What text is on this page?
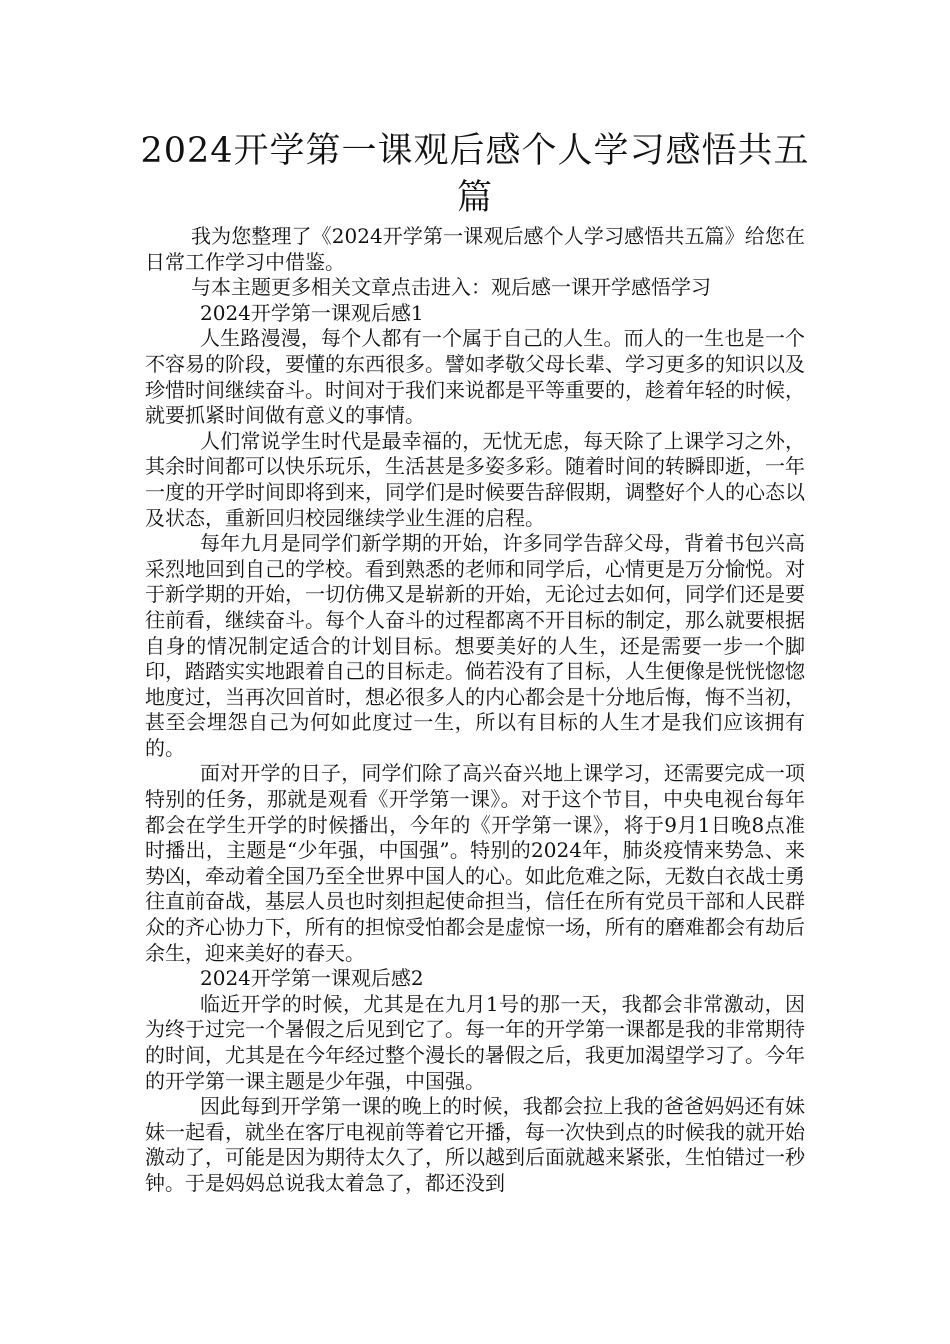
2024开学第一课观后感个人学习感悟共五篇

我为您整理了《2024开学第一课观后感个人学习感悟共五篇》给您在日常工作学习中借鉴。

与本主题更多相关文章点击进入：观后感一课开学感悟学习

2024开学第一课观后感1

人生路漫漫，每个人都有一个属于自己的人生。而人的一生也是一个不容易的阶段，要懂的东西很多。譬如孝敬父母长辈、学习更多的知识以及珍惜时间继续奋斗。时间对于我们来说都是平等重要的，趁着年轻的时候，就要抓紧时间做有意义的事情。

人们常说学生时代是最幸福的，无忧无虑，每天除了上课学习之外，其余时间都可以快乐玩乐，生活甚是多姿多彩。随着时间的转瞬即逝，一年一度的开学时间即将到来，同学们是时候要告辞假期，调整好个人的心态以及状态，重新回归校园继续学业生涯的启程。

每年九月是同学们新学期的开始，许多同学告辞父母，背着书包兴高采烈地回到自己的学校。看到熟悉的老师和同学后，心情更是万分愉悦。对于新学期的开始，一切仿佛又是崭新的开始，无论过去如何，同学们还是要往前看，继续奋斗。每个人奋斗的过程都离不开目标的制定，那么就要根据自身的情况制定适合的计划目标。想要美好的人生，还是需要一步一个脚印，踏踏实实地跟着自己的目标走。倘若没有了目标，人生便像是恍恍惚惚地度过，当再次回首时，想必很多人的内心都会是十分地后悔，悔不当初，甚至会埋怨自己为何如此度过一生，所以有目标的人生才是我们应该拥有的。

面对开学的日子，同学们除了高兴奋兴地上课学习，还需要完成一项特别的任务，那就是观看《开学第一课》。对于这个节目，中央电视台每年都会在学生开学的时候播出，今年的《开学第一课》，将于9月1日晚8点准时播出，主题是“少年强，中国强”。特别的2024年，肺炎疫情来势急、来势凶，牵动着全国乃至全世界中国人的心。如此危难之际，无数白衣战士勇往直前奋战，基层人员也时刻担起使命担当，信任在所有党员干部和人民群众的齐心协力下，所有的担惊受怕都会是虚惊一场，所有的磨难都会有劫后余生，迎来美好的春天。

2024开学第一课观后感2

临近开学的时候，尤其是在九月1号的那一天，我都会非常激动，因为终于过完一个暑假之后见到它了。每一年的开学第一课都是我的非常期待的时间，尤其是在今年经过整个漫长的暑假之后，我更加渴望学习了。今年的开学第一课主题是少年强，中国强。

因此每到开学第一课的晚上的时候，我都会拉上我的爸爸妈妈还有妹妹一起看，就坐在客厅电视前等着它开播，每一次快到点的时候我的就开始激动了，可能是因为期待太久了，所以越到后面就越来紧张，生怕错过一秒钟。于是妈妈总说我太着急了，都还没到
